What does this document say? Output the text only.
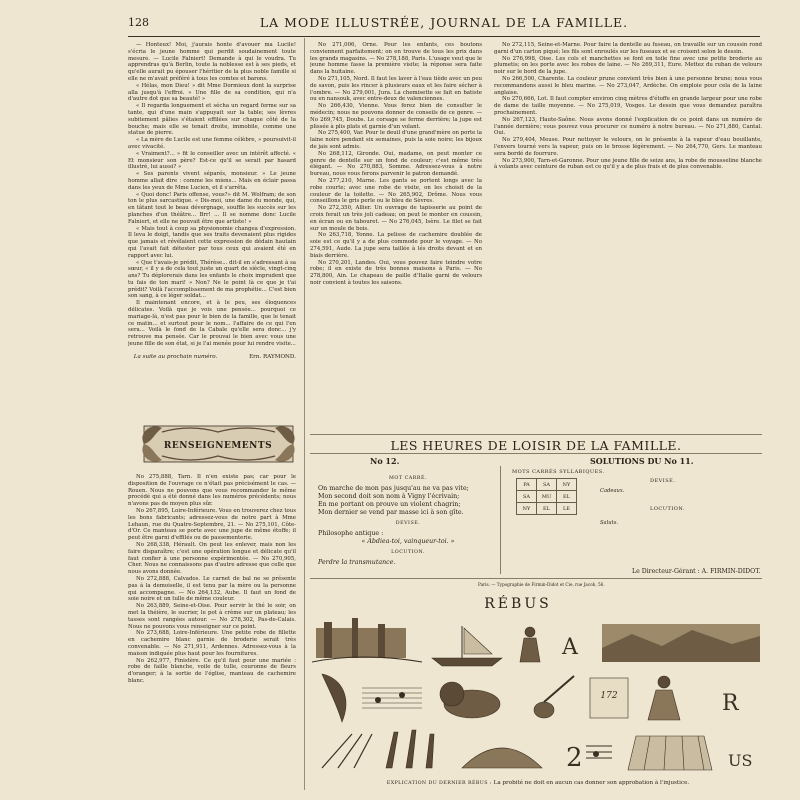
LA MODE ILLUSTRÉE, JOURNAL DE LA FAMILLE.
128

— Honteux! Moi, j'aurais honte d'avouer ma Lucile! s'écria le jeune homme qui perdit soudainement toute mesure. — Lucile Falniert! Demande à qui le voudra. Tu apprendras qu'à Berlin, toute la noblesse est à ses pieds, et qu'elle aurait pu épouser l'héritier de la plus noble famille si elle ne m'avait préféré à tous les comtes et barons.

« Hélas, mon Dieu! » dit Mme Dormieux dont la surprise alla jusqu'à l'effroi. « Une fille de sa condition, qui n'a d'autre dot que sa beauté! »

« Il regarda longuement et sécha un regard ferme sur sa tante, qui d'une main s'appuyait sur la table; ses lèvres subitement pâlies s'étaient effilées sur chaque côté de la bouche; mais elle se tenait droite, immobile, comme une statue de pierre.

« La mère de Lucile est une femme célèbre, » poursuivit-il avec vivacité.

« Vraiment?... » fit le conseiller avec un intérêt affecté. « Et monsieur son père? Est-ce qu'il se serait par hasard illustré, lui aussi? »

« Ses parents vivent séparés, monsieur. » Le jeune homme allait dire : comme les miens... Mais en éclair passa dans les yeux de Mme Lucien, et il s'arrêta.

« Quoi donc! Paris offense, vous?» dit M. Wolfram; de son ton le plus sarcastique. « Dis-moi, une dame du monde, qui, en tâtant tout le beau dévergnage, souffle les succès sur les planches d'un théâtre... Brr! ... Il se nomme donc Lucile Falniert, et elle ne pouvait être que artiste! »

« Mais tout à coup sa physionomie changea d'expression. Il leva le doigt, tandis que ses traits devenaient plus rigides que jamais et révélaient cette expression de dédain hautain qui l'avait fait détester par tous ceux qui avaient été en rapport avec lui.

« Que t'avais-je prédit, Thérèse... dit-il en s'adressant à sa sœur, « il y a de cela tout juste un quart de siècle, vingt-cinq ans? Tu déplorerais dans les enfants le choix imprudent que tu fais de ton mari! » Non? Ne le point là ce que je t'ai prédit? Voilà l'accomplissement de ma prophétie... C'est bien son sang, à ce léger soldat...

Il maintenant encore, et à le peu, ses éloquences délicates. Voilà que je vois une pensée... pourquoi ce mariage-là, n'est pas pour le bien de la famille, que le tenait ce matin... et surtout pour le nom... l'affaire de ce qui l'en sera... Voilà le fond de la Cabale qu'elle sera donc... j'y retrouve ma pensée. Car le prouvai le bien avec vous une jeune fille de son état, si je l'ai menée pour lui rendre visite...

La suite au prochain numéro.	Ern. RAYMOND.
RENSEIGNEMENTS

No 275,888, Tarn. Il n'en existe pas; car pour le disposition de l'ouvrage ce n'était pas précisément le cas. — Rouen. Nous ne pouvons que vous recommander le même procédé qui a été donné dans les numéros précédents; nous n'avons pas de moyen plus sûr.

No 267,895, Loire-Inférieure. Vous en trouverez chez tous les bons fabricants; adressez-vous de notre part à Mme Lehaun, rue du Quatre-Septembre, 21. — No 275,101, Côte-d'Or. Ce manteau se porte avec une jupe de même étoffe; il peut être garni d'effilés ou de passementerie.

No 268,338, Hérault. On peut les enlever, mais non les faire disparaître; c'est une opération longue et délicate qu'il faut confier à une personne expérimentée. — No 270,905, Cher. Nous ne connaissons pas d'autre adresse que celle que nous avons donnée.

No 272,888, Calvados. Le carnet de bal ne se présente pas à la demoiselle, il est tenu par la mère ou la personne qui accompagne. — No 264,132, Aube. Il faut un fond de soie noire et un tulle de même couleur.

No 263,889, Seine-et-Oise. Pour servir le thé le soir, on met la théière, le sucrier, le pot à crème sur un plateau; les tasses sont rangées autour. — No 278,302, Pas-de-Calais. Nous ne pouvons vous renseigner sur ce point.

No 273,688, Loire-Inférieure. Une petite robe de fillette en cachemire blanc garnie de broderie serait très convenable. — No 271,911, Ardennes. Adressez-vous à la maison indiquée plus haut pour les fournitures.

No 262,977, Finistère. Ce qu'il faut pour une mariée : robe de faille blanche, voile de tulle, couronne de fleurs d'oranger; à la sortie de l'église, manteau de cachemire blanc.

No 271,006, Orne. Pour les enfants, ces boutons conviennent parfaitement; on en trouve de tous les prix dans les grands magasins. — No 278,188, Paris. L'usage veut que le jeune homme fasse la première visite; la réponse sera faite dans la huitaine.

No 271,105, Nord. Il faut les laver à l'eau tiède avec un peu de savon, puis les rincer à plusieurs eaux et les faire sécher à l'ombre. — No 279,001, Jura. La chemisette se fait en batiste ou en nansouk, avec entre-deux de valenciennes.

No 266,430, Vienne. Vous ferez bien de consulter le médecin; nous ne pouvons donner de conseils de ce genre. — No 269,745, Doubs. Le corsage se ferme derrière; la jupe est plissée à plis plats et garnie d'un volant.

No 275,400, Var. Pour le deuil d'une grand'mère on porte la laine noire pendant six semaines, puis la soie noire; les bijoux de jais sont admis.

No 268,112, Gironde. Oui, madame, on peut monter ce genre de dentelle sur un fond de couleur; c'est même très élégant. — No 270,883, Somme. Adressez-vous à notre bureau, nous vous ferons parvenir le patron demandé.

No 277,210, Marne. Les gants se portent longs avec la robe courte; avec une robe de visite, on les choisit de la couleur de la toilette. — No 265,902, Drôme. Nous vous conseillons le gris perle ou le bleu de Sèvres.

No 272,350, Allier. Un ouvrage de tapisserie au point de croix ferait un très joli cadeau; on peut le monter en coussin, en écran ou en tabouret. — No 276,045, Isère. Le filet se fait sur un moule de bois.

No 263,718, Yonne. La pelisse de cachemire doublée de soie est ce qu'il y a de plus commode pour le voyage. — No 274,591, Aude. La jupe sera taillée à lés droits devant et en biais derrière.

No 270,201, Landes. Oui, vous pouvez faire teindre votre robe; il en existe de très bonnes maisons à Paris. — No 278,800, Ain. Le chapeau de paille d'Italie garni de velours noir convient à toutes les saisons.

No 272,115, Seine-et-Marne. Pour faire la dentelle au fuseau, on travaille sur un coussin rond garni d'un carton piqué; les fils sont enroulés sur les fuseaux et se croisent selon le dessin.

No 276,998, Oise. Les cols et manchettes se font en toile fine avec une petite broderie au plumetis; on les porte avec les robes de laine. — No 269,311, Eure. Mettez du ruban de velours noir sur le bord de la jupe.

No 266,500, Charente. La couleur prune convient très bien à une personne brune; nous vous recommandons aussi le bleu marine. — No 273,047, Ardèche. On emploie pour cela de la laine anglaise.

No 270,666, Lot. Il faut compter environ cinq mètres d'étoffe en grande largeur pour une robe de dame de taille moyenne. — No 275,019, Vosges. Le dessin que vous demandez paraîtra prochainement.

No 267,123, Haute-Saône. Nous avons donné l'explication de ce point dans un numéro de l'année dernière; vous pouvez vous procurer ce numéro à notre bureau. — No 271,880, Cantal. Oui.

No 279,404, Meuse. Pour nettoyer le velours, on le présente à la vapeur d'eau bouillante, l'envers tourné vers la vapeur, puis on le brosse légèrement. — No 264,770, Gers. Le manteau sera bordé de fourrure.

No 273,900, Tarn-et-Garonne. Pour une jeune fille de seize ans, la robe de mousseline blanche à volants avec ceinture de ruban est ce qu'il y a de plus frais et de plus convenable.

LES HEURES DE LOISIR DE LA FAMILLE.
No 12.	SOLUTIONS DU No 11.
MOT CARRÉ.
On marche de mon pas jusqu'au ne va pas vite;
Mon second doit son nom à Vigny l'écrivain;
En me portant on prouve un violent chagrin;
Mon dernier se vend par masse ici à son gîte.
DEVISE.
Philosophe antique :
« Abdiea-toi, vainqueur-toi. »
LOCUTION.
Perdre la transmutance.
MOTS CARRÉS SYLLABIQUES.
PA	SA	NY
SA	MU	EL
NY	EL	LE
DEVISE.
Cadeaux.
LOCUTION.
Saluts.
Le Directeur-Gérant : A. FIRMIN-DIDOT.
Paris. — Typographie de Firmin-Didot et Cie, rue Jacob, 56.
RÉBUS
A
172	R
2	US
EXPLICATION DU DERNIER RÉBUS : La probité ne doit en aucun cas donner son approbation à l'injustice.
